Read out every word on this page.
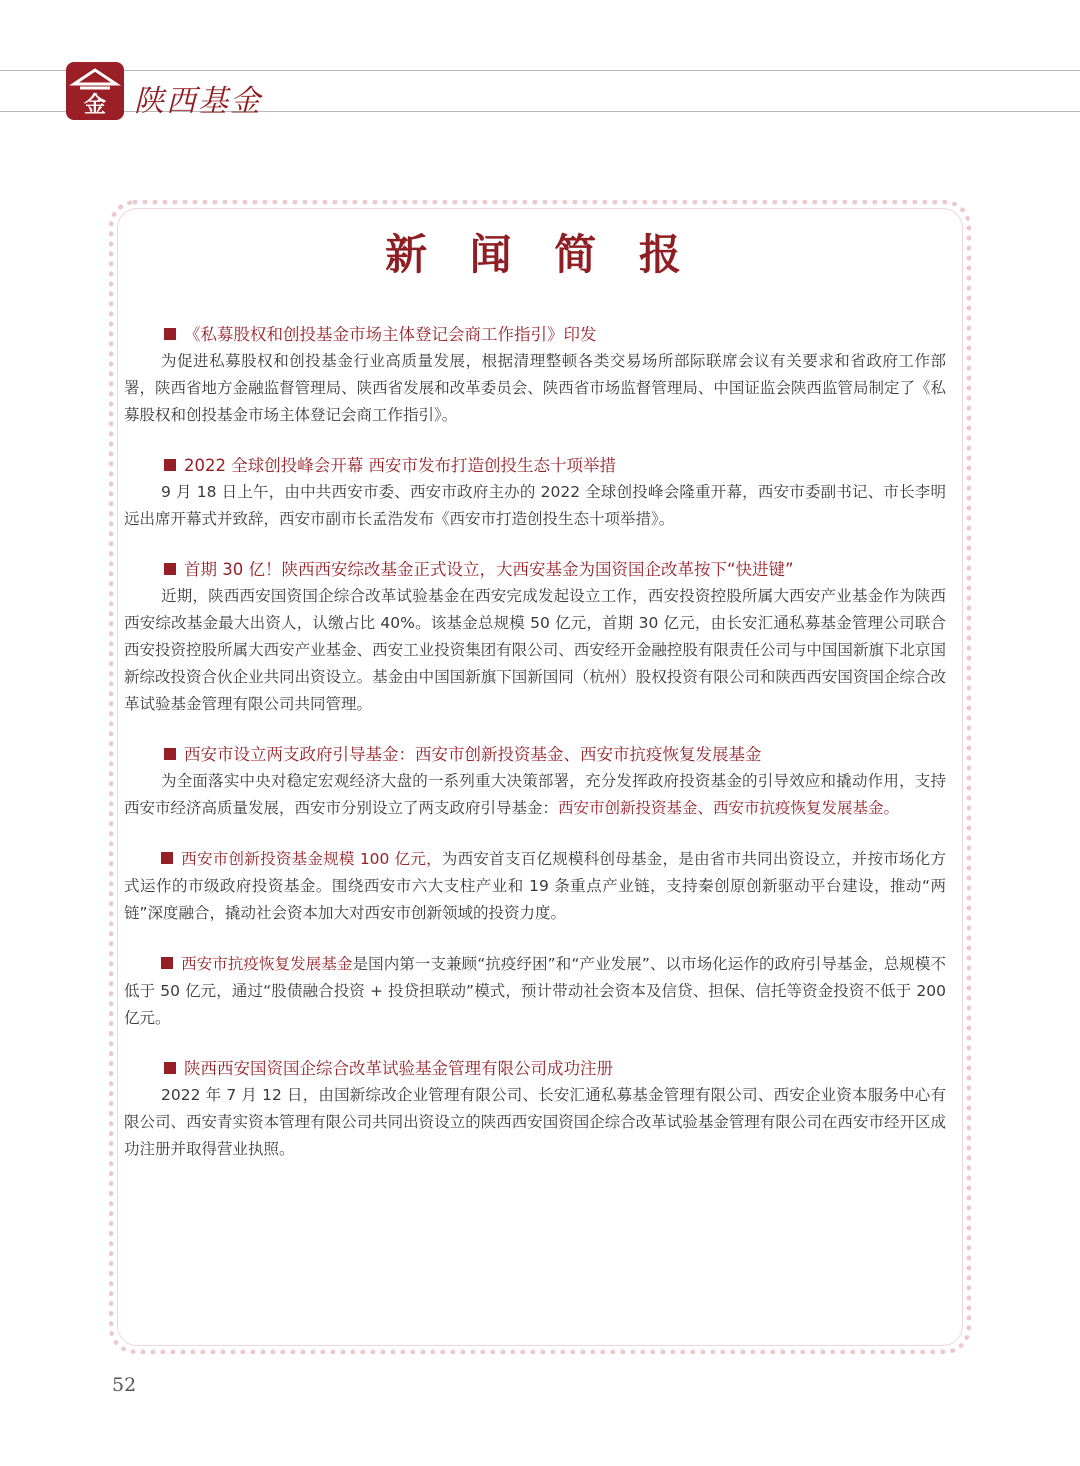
金 陕西基金
新 闻 简 报
《私募股权和创投基金市场主体登记会商工作指引》印发
为促进私募股权和创投基金行业高质量发展，根据清理整顿各类交易场所部际联席会议有关要求和省政府工作部署，陕西省地方金融监督管理局、陕西省发展和改革委员会、陕西省市场监督管理局、中国证监会陕西监管局制定了《私募股权和创投基金市场主体登记会商工作指引》。
2022 全球创投峰会开幕 西安市发布打造创投生态十项举措
9 月 18 日上午，由中共西安市委、西安市政府主办的 2022 全球创投峰会隆重开幕，西安市委副书记、市长李明远出席开幕式并致辞，西安市副市长孟浩发布《西安市打造创投生态十项举措》。
首期 30 亿！陕西西安综改基金正式设立，大西安基金为国资国企改革按下“快进键”
近期，陕西西安国资国企综合改革试验基金在西安完成发起设立工作，西安投资控股所属大西安产业基金作为陕西西安综改基金最大出资人，认缴占比 40%。该基金总规模 50 亿元，首期 30 亿元，由长安汇通私募基金管理公司联合西安投资控股所属大西安产业基金、西安工业投资集团有限公司、西安经开金融控股有限责任公司与中国国新旗下北京国新综改投资合伙企业共同出资设立。基金由中国国新旗下国新国同（杭州）股权投资有限公司和陕西西安国资国企综合改革试验基金管理有限公司共同管理。
西安市设立两支政府引导基金：西安市创新投资基金、西安市抗疫恢复发展基金
为全面落实中央对稳定宏观经济大盘的一系列重大决策部署，充分发挥政府投资基金的引导效应和撬动作用，支持西安市经济高质量发展，西安市分别设立了两支政府引导基金：西安市创新投资基金、西安市抗疫恢复发展基金。
西安市创新投资基金规模 100 亿元，为西安首支百亿规模科创母基金，是由省市共同出资设立，并按市场化方式运作的市级政府投资基金。围绕西安市六大支柱产业和 19 条重点产业链，支持秦创原创新驱动平台建设，推动“两链”深度融合，撬动社会资本加大对西安市创新领域的投资力度。
西安市抗疫恢复发展基金是国内第一支兼顾“抗疫纾困”和“产业发展”、以市场化运作的政府引导基金，总规模不低于 50 亿元，通过“股债融合投资 + 投贷担联动”模式，预计带动社会资本及信贷、担保、信托等资金投资不低于 200 亿元。
陕西西安国资国企综合改革试验基金管理有限公司成功注册
2022 年 7 月 12 日，由国新综改企业管理有限公司、长安汇通私募基金管理有限公司、西安企业资本服务中心有限公司、西安青实资本管理有限公司共同出资设立的陕西西安国资国企综合改革试验基金管理有限公司在西安市经开区成功注册并取得营业执照。
52
